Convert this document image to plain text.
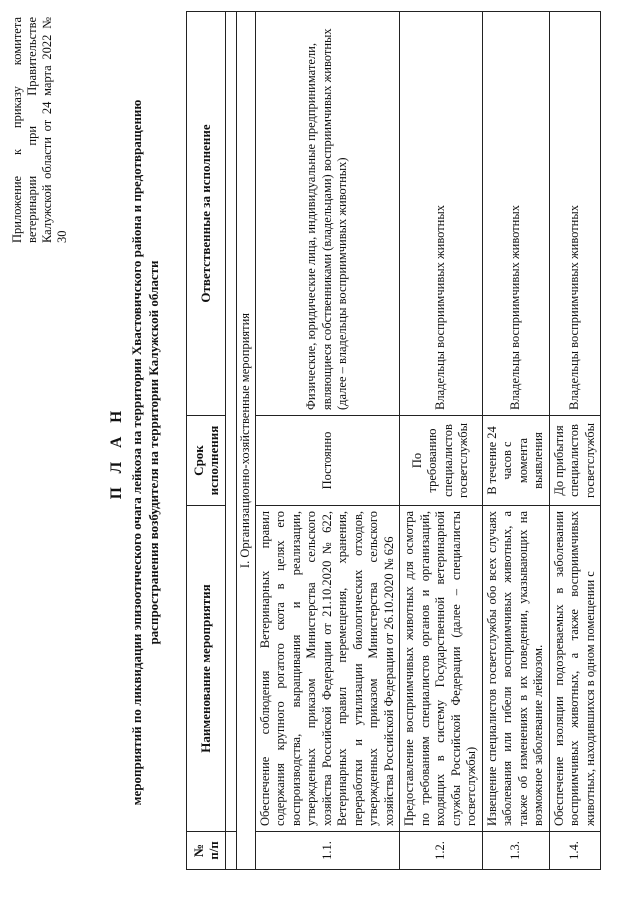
Приложение к приказу комитета ветеринарии при Правительстве Калужской области от 24 марта 2022 № 30
П Л А Н мероприятий по ликвидации эпизоотического очага лейкоза на территории Хвастовичского района и предотвращению распространения возбудителя на территории Калужской области
№ п/п	Наименование мероприятия	Срок исполнения	Ответственные за исполнение

I. Организационно-хозяйственные мероприятия			
1.1.	Обеспечение соблюдения Ветеринарных правил содержания крупного рогатого скота в целях его воспроизводства, выращивания и реализации, утвержденных приказом Министерства сельского хозяйства Российской Федерации от 21.10.2020 № 622, Ветеринарных правил перемещения, хранения, переработки и утилизации биологических отходов, утвержденных приказом Министерства сельского хозяйства Российской Федерации от 26.10.2020 № 626	Постоянно	Физические, юридические лица, индивидуальные предприниматели, являющиеся собственниками (владельцами) восприимчивых животных (далее – владельцы восприимчивых животных)
1.2.	Предоставление восприимчивых животных для осмотра по требованиям специалистов органов и организаций, входящих в систему Государственной ветеринарной службы Российской Федерации (далее – специалисты госветслужбы)	По требованию специалистов госветслужбы	Владельцы восприимчивых животных
1.3.	Извещение специалистов госветслужбы обо всех случаях заболевания или гибели восприимчивых животных, а также об изменениях в их поведении, указывающих на возможное заболевание лейкозом.	В течение 24 часов с момента выявления	Владельцы восприимчивых животных
1.4.	Обеспечение изоляции подозреваемых в заболевании восприимчивых животных, а также восприимчивых животных, находившихся в одном помещении с	До прибытия специалистов госветслужбы	Владельцы восприимчивых животных
